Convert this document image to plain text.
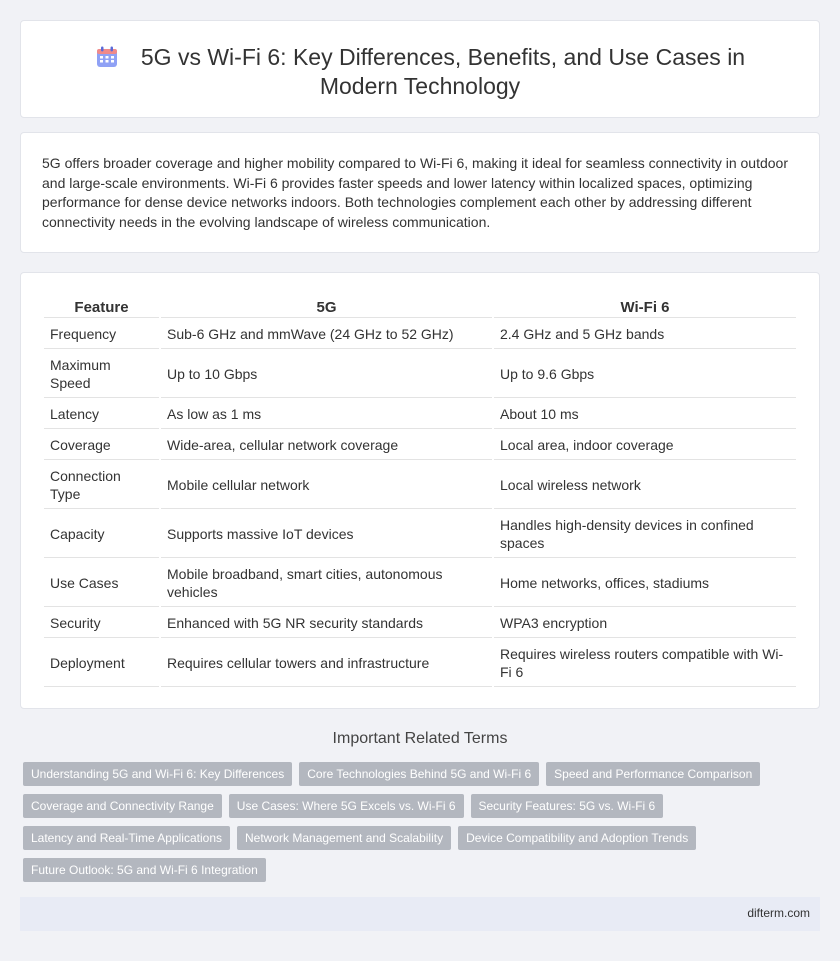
5G vs Wi-Fi 6: Key Differences, Benefits, and Use Cases in Modern Technology

5G offers broader coverage and higher mobility compared to Wi-Fi 6, making it ideal for seamless connectivity in outdoor and large-scale environments. Wi-Fi 6 provides faster speeds and lower latency within localized spaces, optimizing performance for dense device networks indoors. Both technologies complement each other by addressing different connectivity needs in the evolving landscape of wireless communication.

Feature	5G	Wi-Fi 6
Frequency	Sub-6 GHz and mmWave (24 GHz to 52 GHz)	2.4 GHz and 5 GHz bands
Maximum Speed	Up to 10 Gbps	Up to 9.6 Gbps
Latency	As low as 1 ms	About 10 ms
Coverage	Wide-area, cellular network coverage	Local area, indoor coverage
Connection Type	Mobile cellular network	Local wireless network
Capacity	Supports massive IoT devices	Handles high-density devices in confined spaces
Use Cases	Mobile broadband, smart cities, autonomous vehicles	Home networks, offices, stadiums
Security	Enhanced with 5G NR security standards	WPA3 encryption
Deployment	Requires cellular towers and infrastructure	Requires wireless routers compatible with Wi-Fi 6
Important Related Terms
Understanding 5G and Wi-Fi 6: Key Differences	Core Technologies Behind 5G and Wi-Fi 6	Speed and Performance Comparison
Coverage and Connectivity Range	Use Cases: Where 5G Excels vs. Wi-Fi 6	Security Features: 5G vs. Wi-Fi 6
Latency and Real-Time Applications	Network Management and Scalability	Device Compatibility and Adoption Trends
Future Outlook: 5G and Wi-Fi 6 Integration
difterm.com
